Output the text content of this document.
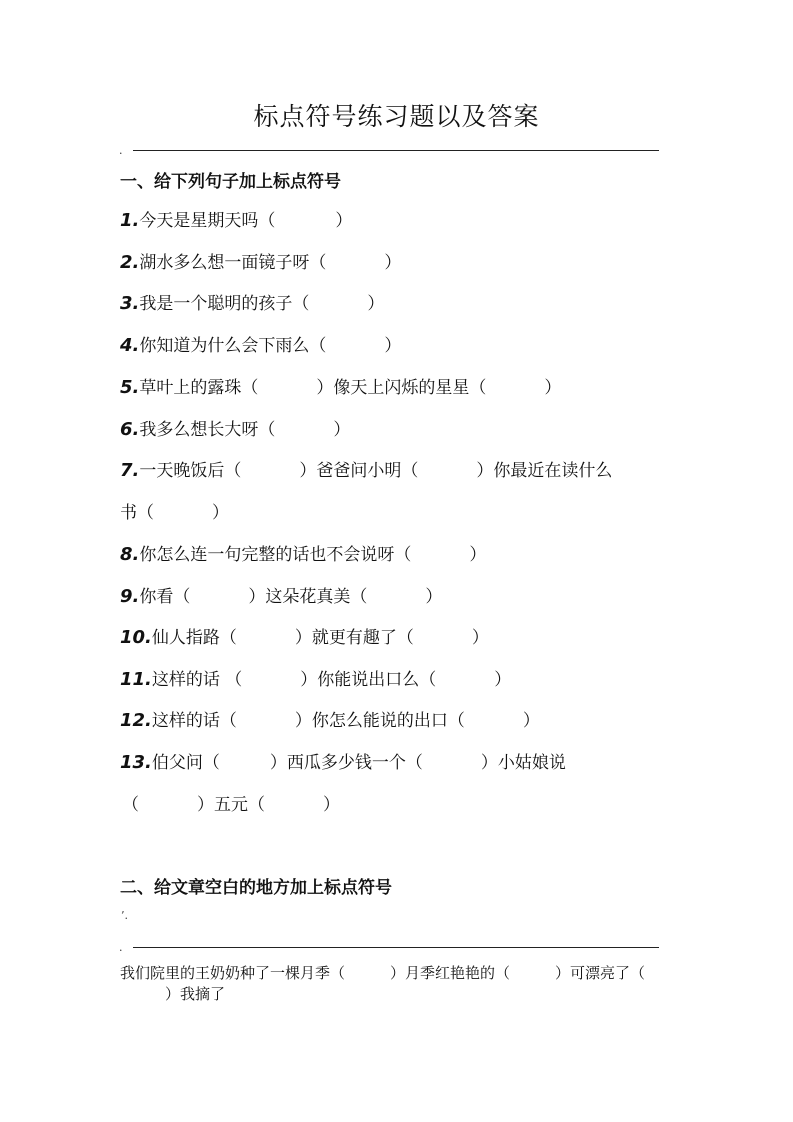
标点符号练习题以及答案
.
一、给下列句子加上标点符号
1.今天是星期天吗（	）
2.湖水多么想一面镜子呀（	）
3.我是一个聪明的孩子（	）
4.你知道为什么会下雨么（	）
5.草叶上的露珠（	）像天上闪烁的星星（	）
6.我多么想长大呀（	）
7.一天晚饭后（	）爸爸问小明（	）你最近在读什么
书（	）
8.你怎么连一句完整的话也不会说呀（	）
9.你看（	）这朵花真美（	）
10.仙人指路（	）就更有趣了（	）
11.这样的话 （	）你能说出口么（	）
12.这样的话（	）你怎么能说的出口（	）
13.伯父问（	）西瓜多少钱一个（	）小姑娘说
（	）五元（	）
二、给文章空白的地方加上标点符号
’.
.
我们院里的王奶奶种了一棵月季（	）月季红艳艳的（	）可漂亮了（）我摘了
